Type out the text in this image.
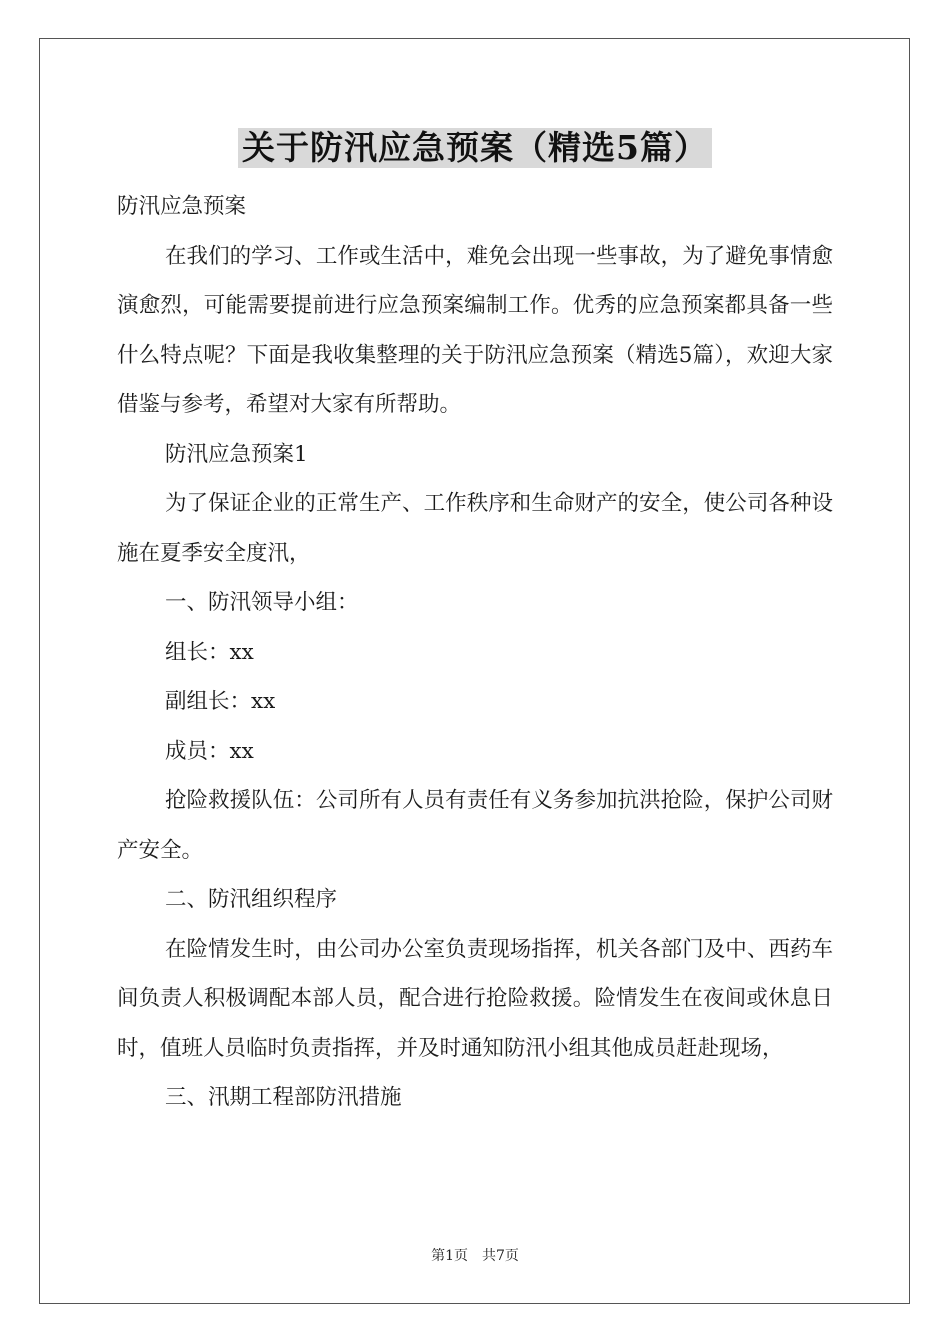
关于防汛应急预案（精选5篇）

防汛应急预案

在我们的学习、工作或生活中，难免会出现一些事故，为了避免事情愈演愈烈，可能需要提前进行应急预案编制工作。优秀的应急预案都具备一些什么特点呢？下面是我收集整理的关于防汛应急预案（精选5篇），欢迎大家借鉴与参考，希望对大家有所帮助。

防汛应急预案1

为了保证企业的正常生产、工作秩序和生命财产的安全，使公司各种设施在夏季安全度汛，

一、防汛领导小组：

组长：xx

副组长：xx

成员：xx

抢险救援队伍：公司所有人员有责任有义务参加抗洪抢险，保护公司财产安全。

二、防汛组织程序

在险情发生时，由公司办公室负责现场指挥，机关各部门及中、西药车间负责人积极调配本部人员，配合进行抢险救援。险情发生在夜间或休息日时，值班人员临时负责指挥，并及时通知防汛小组其他成员赶赴现场，

三、汛期工程部防汛措施

第1页 共7页
